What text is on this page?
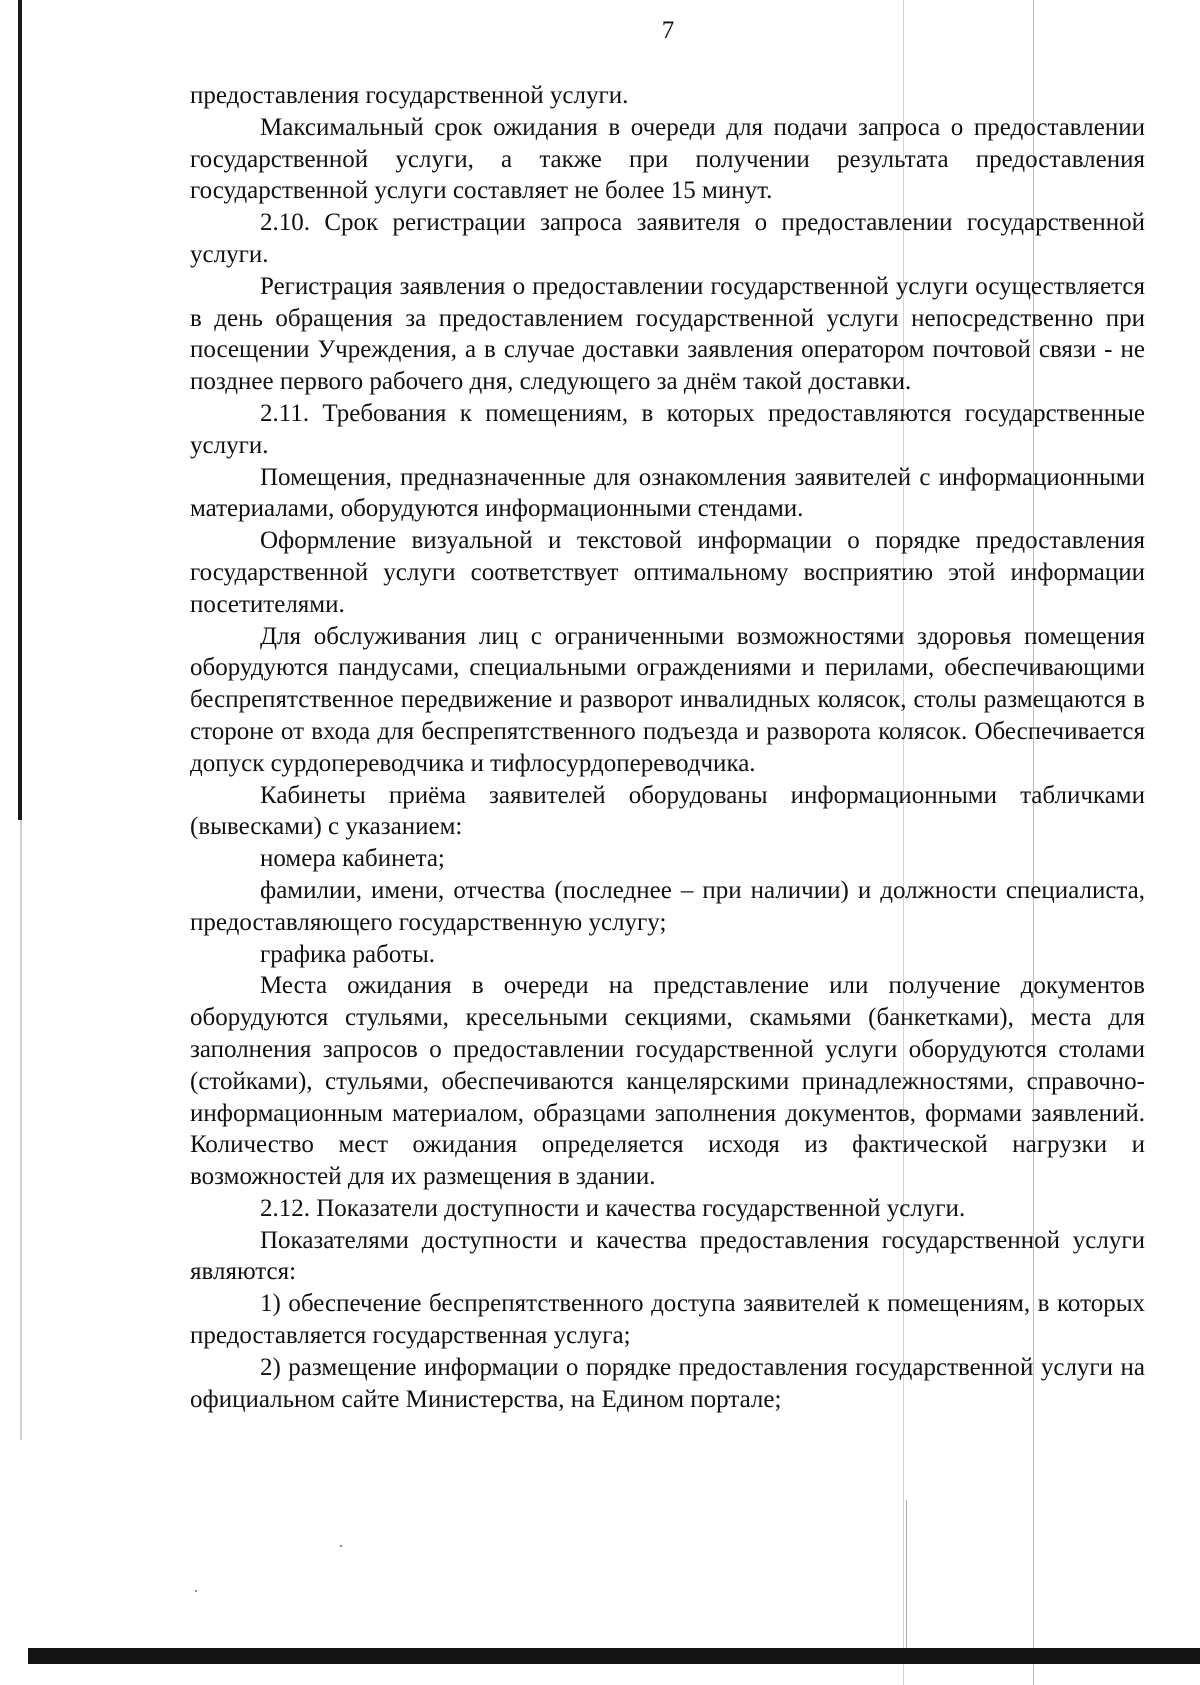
7

предоставления государственной услуги.

Максимальный срок ожидания в очереди для подачи запроса о предоставлении государственной услуги, а также при получении результата предоставления государственной услуги составляет не более 15 минут.

2.10. Срок регистрации запроса заявителя о предоставлении государственной услуги.

Регистрация заявления о предоставлении государственной услуги осуществляется в день обращения за предоставлением государственной услуги непосредственно при посещении Учреждения, а в случае доставки заявления оператором почтовой связи - не позднее первого рабочего дня, следующего за днём такой доставки.

2.11. Требования к помещениям, в которых предоставляются государственные услуги.

Помещения, предназначенные для ознакомления заявителей с информационными материалами, оборудуются информационными стендами.

Оформление визуальной и текстовой информации о порядке предоставления государственной услуги соответствует оптимальному восприятию этой информации посетителями.

Для обслуживания лиц с ограниченными возможностями здоровья помещения оборудуются пандусами, специальными ограждениями и перилами, обеспечивающими беспрепятственное передвижение и разворот инвалидных колясок, столы размещаются в стороне от входа для беспрепятственного подъезда и разворота колясок. Обеспечивается допуск сурдопереводчика и тифлосурдопереводчика.

Кабинеты приёма заявителей оборудованы информационными табличками (вывесками) с указанием:

номера кабинета;

фамилии, имени, отчества (последнее – при наличии) и должности специалиста, предоставляющего государственную услугу;

графика работы.

Места ожидания в очереди на представление или получение документов оборудуются стульями, кресельными секциями, скамьями (банкетками), места для заполнения запросов о предоставлении государственной услуги оборудуются столами (стойками), стульями, обеспечиваются канцелярскими принадлежностями, справочно-информационным материалом, образцами заполнения документов, формами заявлений. Количество мест ожидания определяется исходя из фактической нагрузки и возможностей для их размещения в здании.

2.12. Показатели доступности и качества государственной услуги.

Показателями доступности и качества предоставления государственной услуги являются:

1) обеспечение беспрепятственного доступа заявителей к помещениям, в которых предоставляется государственная услуга;

2) размещение информации о порядке предоставления государственной услуги на официальном сайте Министерства, на Едином портале;
